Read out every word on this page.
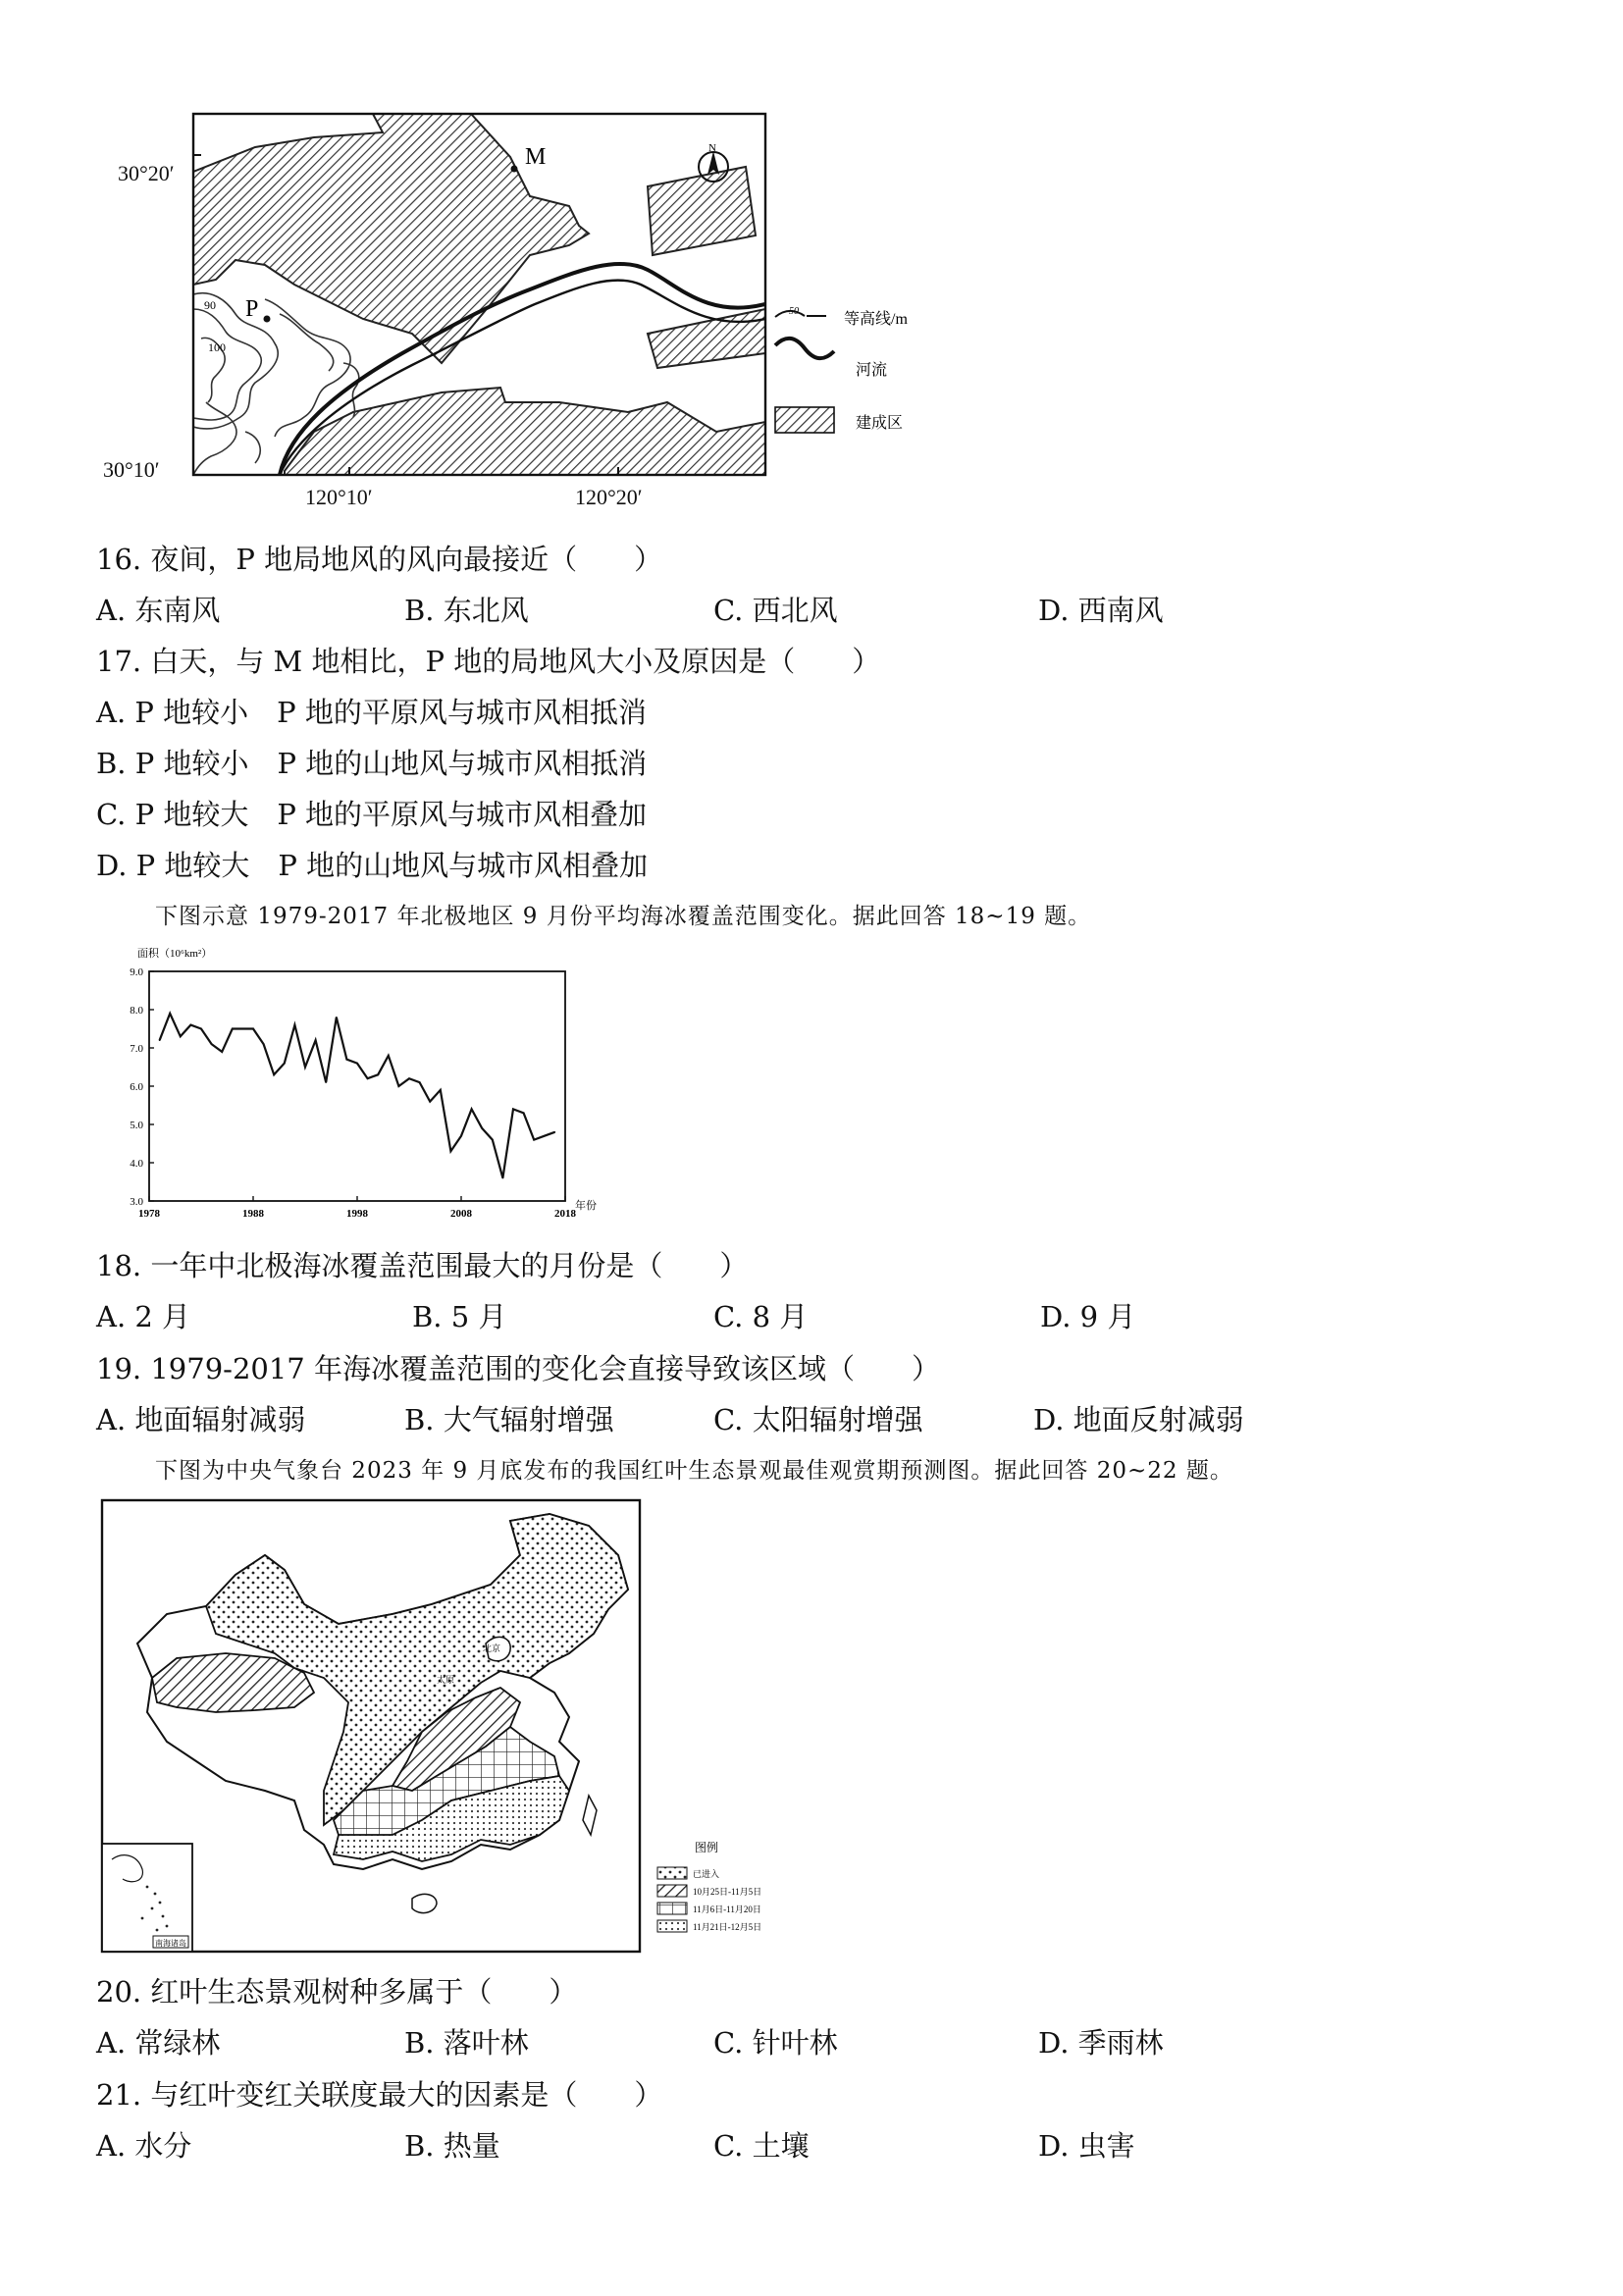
M
P
90
100
N
50	等高线/m
河流
建成区
30°20′
30°10′
120°10′	120°20′
16. 夜间，P 地局地风的风向最接近（　　）
A. 东南风	B. 东北风	C. 西北风	D. 西南风
17. 白天，与 M 地相比，P 地的局地风大小及原因是（　　）
A. P 地较小　P 地的平原风与城市风相抵消
B. P 地较小　P 地的山地风与城市风相抵消
C. P 地较大　P 地的平原风与城市风相叠加
D. P 地较大　P 地的山地风与城市风相叠加
下图示意 1979-2017 年北极地区 9 月份平均海冰覆盖范围变化。据此回答 18~19 题。
面积（10⁶km²）
年份
9.0
8.0
7.0
6.0
5.0
4.0
3.0
1978	1988	1998	2008	2018
18. 一年中北极海冰覆盖范围最大的月份是（　　）
A. 2 月	B. 5 月	C. 8 月	D. 9 月
19. 1979-2017 年海冰覆盖范围的变化会直接导致该区域（　　）
A. 地面辐射减弱	B. 大气辐射增强	C. 太阳辐射增强	D. 地面反射减弱
下图为中央气象台 2023 年 9 月底发布的我国红叶生态景观最佳观赏期预测图。据此回答 20~22 题。
北京
太原
南海诸岛
图例
已进入
10月25日-11月5日
11月6日-11月20日
11月21日-12月5日
20. 红叶生态景观树种多属于（　　）
A. 常绿林	B. 落叶林	C. 针叶林	D. 季雨林
21. 与红叶变红关联度最大的因素是（　　）
A. 水分	B. 热量	C. 土壤	D. 虫害
